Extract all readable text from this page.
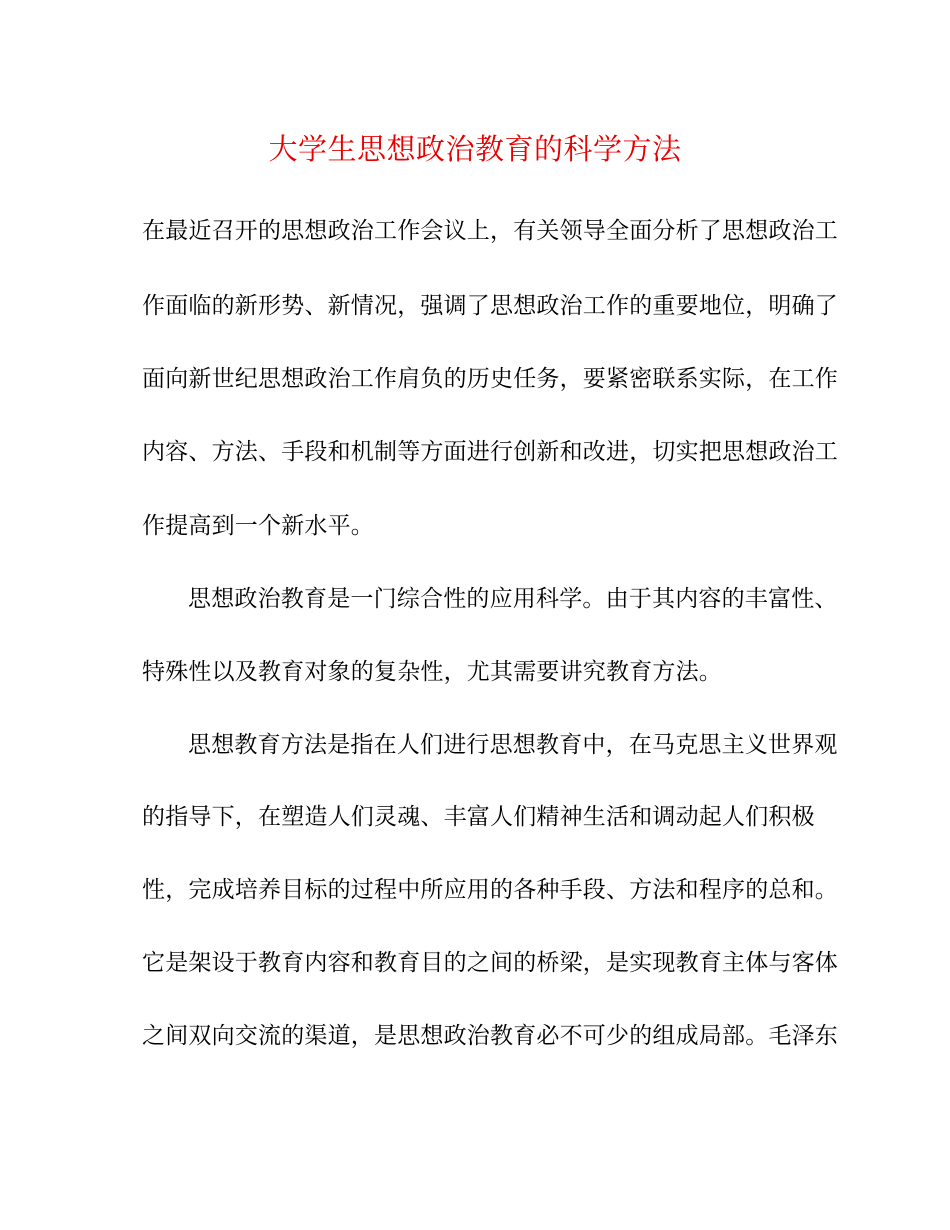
大学生思想政治教育的科学方法
在最近召开的思想政治工作会议上，有关领导全面分析了思想政治工
作面临的新形势、新情况，强调了思想政治工作的重要地位，明确了
面向新世纪思想政治工作肩负的历史任务，要紧密联系实际，在工作
内容、方法、手段和机制等方面进行创新和改进，切实把思想政治工
作提高到一个新水平。
思想政治教育是一门综合性的应用科学。由于其内容的丰富性、
特殊性以及教育对象的复杂性，尤其需要讲究教育方法。
思想教育方法是指在人们进行思想教育中，在马克思主义世界观
的指导下，在塑造人们灵魂、丰富人们精神生活和调动起人们积极
性，完成培养目标的过程中所应用的各种手段、方法和程序的总和。
它是架设于教育内容和教育目的之间的桥梁，是实现教育主体与客体
之间双向交流的渠道，是思想政治教育必不可少的组成局部。毛泽东
